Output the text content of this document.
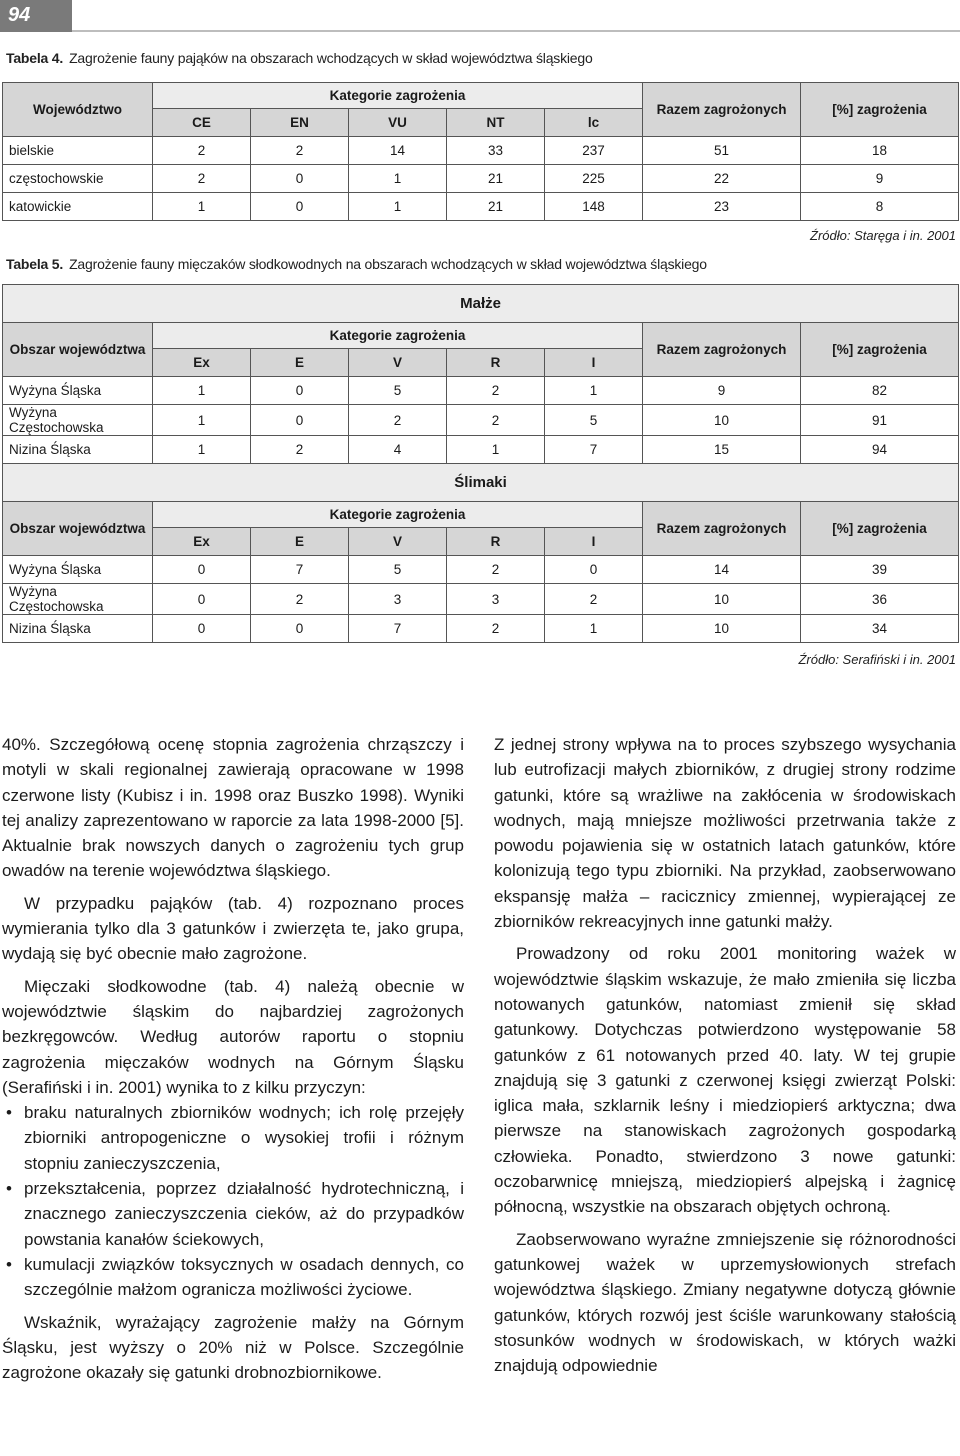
94
Tabela 4. Zagrożenie fauny pająków na obszarach wchodzących w skład województwa śląskiego
Województwo	Kategorie zagrożenia					Razem zagrożonych	[%] zagrożenia
	CE	EN	VU	NT	lc		
bielskie	2	2	14	33	237	51	18
częstochowskie	2	0	1	21	225	22	9
katowickie	1	0	1	21	148	23	8
Źródło: Staręga i in. 2001
Tabela 5. Zagrożenie fauny mięczaków słodkowodnych na obszarach wchodzących w skład województwa śląskiego
Małże							
Obszar województwa	Kategorie zagrożenia					Razem zagrożonych	[%] zagrożenia
	Ex	E	V	R	I		
Wyżyna Śląska	1	0	5	2	1	9	82
Wyżyna Częstochowska	1	0	2	2	5	10	91
Nizina Śląska	1	2	4	1	7	15	94
Ślimaki							
Obszar województwa	Kategorie zagrożenia					Razem zagrożonych	[%] zagrożenia
	Ex	E	V	R	I		
Wyżyna Śląska	0	7	5	2	0	14	39
Wyżyna Częstochowska	0	2	3	3	2	10	36
Nizina Śląska	0	0	7	2	1	10	34
Źródło: Serafiński i in. 2001

40%. Szczegółową ocenę stopnia zagrożenia chrząszczy i motyli w skali regionalnej zawierają opracowane w 1998 czerwone listy (Kubisz i in. 1998 oraz Buszko 1998). Wyniki tej analizy zaprezentowano w raporcie za lata 1998-2000 [5]. Aktualnie brak nowszych danych o zagrożeniu tych grup owadów na terenie województwa śląskiego.

W przypadku pająków (tab. 4) rozpoznano proces wymierania tylko dla 3 gatunków i zwierzęta te, jako grupa, wydają się być obecnie mało zagrożone.

Mięczaki słodkowodne (tab. 4) należą obecnie w województwie śląskim do najbardziej zagrożonych bezkręgowców. Według autorów raportu o stopniu zagrożenia mięczaków wodnych na Górnym Śląsku (Serafiński i in. 2001) wynika to z kilku przyczyn:

• braku naturalnych zbiorników wodnych; ich rolę przejęły zbiorniki antropogeniczne o wysokiej trofii i różnym stopniu zanieczyszczenia,
• przekształcenia, poprzez działalność hydrotechniczną, i znacznego zanieczyszczenia cieków, aż do przypadków powstania kanałów ściekowych,
• kumulacji związków toksycznych w osadach dennych, co szczególnie małżom ogranicza możliwości życiowe.

Wskaźnik, wyrażający zagrożenie małży na Górnym Śląsku, jest wyższy o 20% niż w Polsce. Szczególnie zagrożone okazały się gatunki drobnozbiornikowe.

Z jednej strony wpływa na to proces szybszego wysychania lub eutrofizacji małych zbiorników, z drugiej strony rodzime gatunki, które są wrażliwe na zakłócenia w środowiskach wodnych, mają mniejsze możliwości przetrwania także z powodu pojawienia się w ostatnich latach gatunków, które kolonizują tego typu zbiorniki. Na przykład, zaobserwowano ekspansję małża – racicznicy zmiennej, wypierającej ze zbiorników rekreacyjnych inne gatunki małży.

Prowadzony od roku 2001 monitoring ważek w województwie śląskim wskazuje, że mało zmieniła się liczba notowanych gatunków, natomiast zmienił się skład gatunkowy. Dotychczas potwierdzono występowanie 58 gatunków z 61 notowanych przed 40. laty. W tej grupie znajdują się 3 gatunki z czerwonej księgi zwierząt Polski: iglica mała, szklarnik leśny i miedziopierś arktyczna; dwa pierwsze na stanowiskach zagrożonych gospodarką człowieka. Ponadto, stwierdzono 3 nowe gatunki: oczobarwnicę mniejszą, miedziopierś alpejską i żagnicę północną, wszystkie na obszarach objętych ochroną.

Zaobserwowano wyraźne zmniejszenie się różnorodności gatunkowej ważek w uprzemysłowionych strefach województwa śląskiego. Zmiany negatywne dotyczą głównie gatunków, których rozwój jest ściśle warunkowany stałością stosunków wodnych w środowiskach, w których ważki znajdują odpowiednie
